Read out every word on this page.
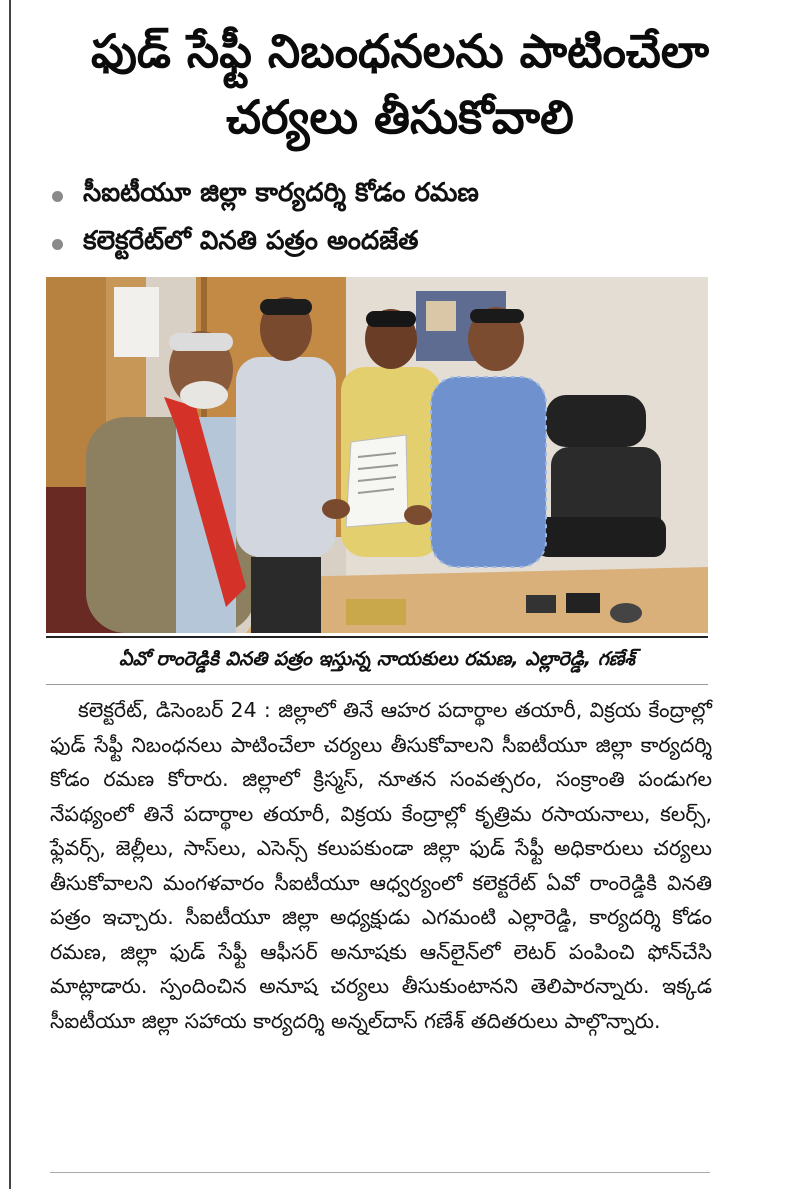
ఫుడ్ సేఫ్టీ నిబంధనలను పాటించేలా
చర్యలు తీసుకోవాలి
సీఐటీయూ జిల్లా కార్యదర్శి కోడం రమణ
కలెక్టరేట్‌లో వినతి పత్రం అందజేత
ఏవో రాంరెడ్డికి వినతి పత్రం ఇస్తున్న నాయకులు రమణ, ఎల్లారెడ్డి, గణేశ్

కలెక్టరేట్, డిసెంబర్ 24 : జిల్లాలో తినే ఆహర పదార్థాల తయారీ, విక్రయ కేంద్రాల్లో ఫుడ్ సేఫ్టీ నిబంధనలు పాటించేలా చర్యలు తీసుకోవాలని సీఐటీయూ జిల్లా కార్యదర్శి కోడం రమణ కోరారు. జిల్లాలో క్రిస్మస్, నూతన సంవత్సరం, సంక్రాంతి పండుగల నేపథ్యంలో తినే పదార్థాల తయారీ, విక్రయ కేంద్రాల్లో కృత్రిమ రసాయనాలు, కలర్స్, ఫ్లేవర్స్, జెల్లీలు, సాస్‌లు, ఎసెన్స్ కలుపకుండా జిల్లా ఫుడ్ సేఫ్టీ అధికారులు చర్యలు తీసుకోవాలని మంగళవారం సీఐటీయూ ఆధ్వర్యంలో కలెక్టరేట్ ఏవో రాంరెడ్డికి వినతి పత్రం ఇచ్చారు. సీఐటీయూ జిల్లా అధ్యక్షుడు ఎగమంటి ఎల్లారెడ్డి, కార్యదర్శి కోడం రమణ, జిల్లా ఫుడ్ సేఫ్టీ ఆఫీసర్ అనూషకు ఆన్‌లైన్‌లో లెటర్ పంపించి ఫోన్‌చేసి మాట్లాడారు. స్పందించిన అనూష చర్యలు తీసుకుంటానని తెలిపారన్నారు. ఇక్కడ సీఐటీయూ జిల్లా సహాయ కార్యదర్శి అన్నల్‌దాస్ గణేశ్ తదితరులు పాల్గొన్నారు.
